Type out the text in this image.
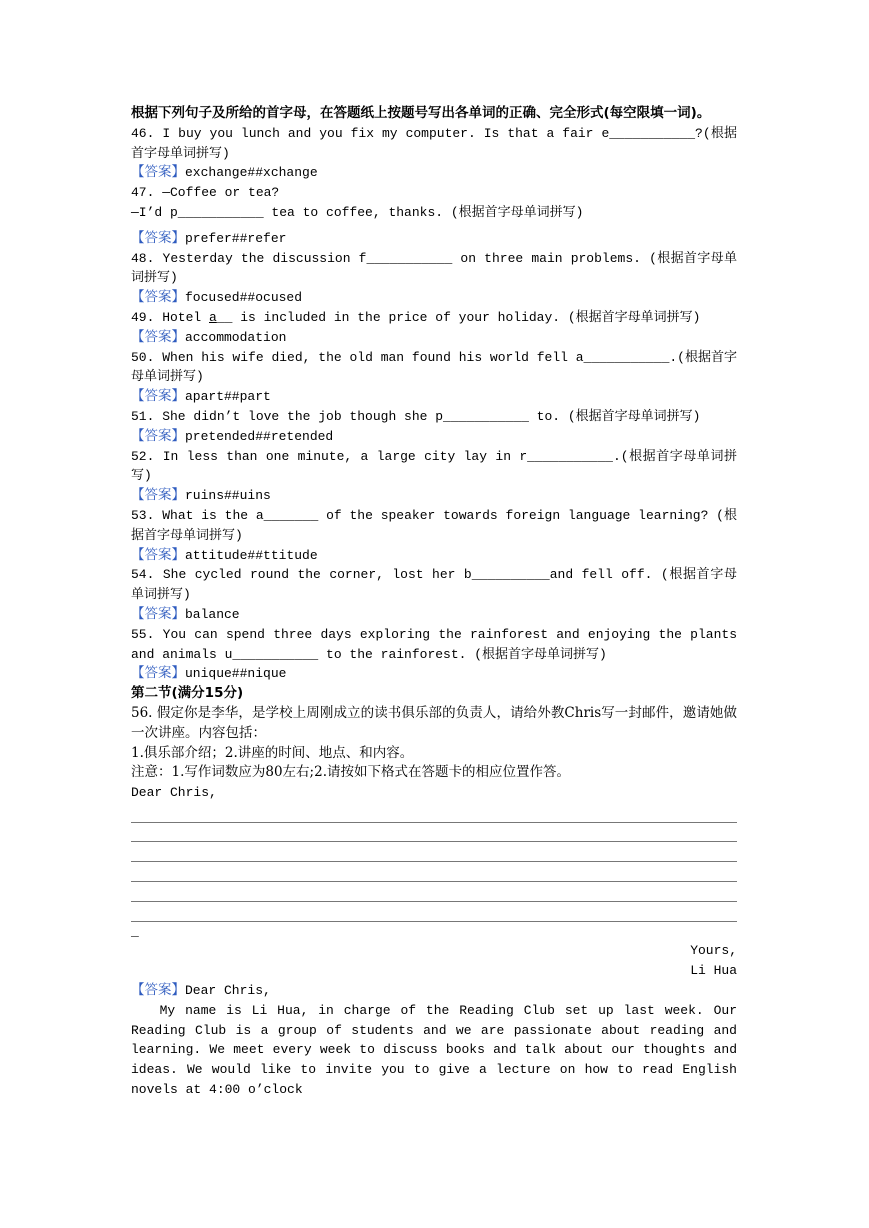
根据下列句子及所给的首字母，在答题纸上按题号写出各单词的正确、完全形式(每空限填一词)。
46. I buy you lunch and you fix my computer. Is that a fair e___________?(根据首字母单词拼写)
【答案】exchange##xchange
47. —Coffee or tea?
—I’d p___________ tea to coffee, thanks. (根据首字母单词拼写)
【答案】prefer##refer
48. Yesterday the discussion f___________ on three main problems. (根据首字母单词拼写)
【答案】focused##ocused
49. Hotel a__ is included in the price of your holiday. (根据首字母单词拼写)
【答案】accommodation
50. When his wife died, the old man found his world fell a___________.(根据首字母单词拼写)
【答案】apart##part
51. She didn’t love the job though she p___________ to. (根据首字母单词拼写)
【答案】pretended##retended
52. In less than one minute, a large city lay in r___________.(根据首字母单词拼写)
【答案】ruins##uins
53. What is the a_______ of the speaker towards foreign language learning? (根据首字母单词拼写)
【答案】attitude##ttitude
54. She cycled round the corner, lost her b__________and fell off. (根据首字母单词拼写)
【答案】balance
55. You can spend three days exploring the rainforest and enjoying the plants and animals u___________ to the rainforest. (根据首字母单词拼写)
【答案】unique##nique
第二节(满分15分)
56. 假定你是李华，是学校上周刚成立的读书俱乐部的负责人，请给外教Chris写一封邮件，邀请她做一次讲座。内容包括：
1.俱乐部介绍；2.讲座的时间、地点、和内容。
注意：1.写作词数应为80左右;2.请按如下格式在答题卡的相应位置作答。
Dear Chris,
_
Yours,
Li Hua
【答案】Dear Chris,
My name is Li Hua, in charge of the Reading Club set up last week. Our Reading Club is a group of students and we are passionate about reading and learning. We meet every week to discuss books and talk about our thoughts and ideas. We would like to invite you to give a lecture on how to read English novels at 4:00 o’clock
